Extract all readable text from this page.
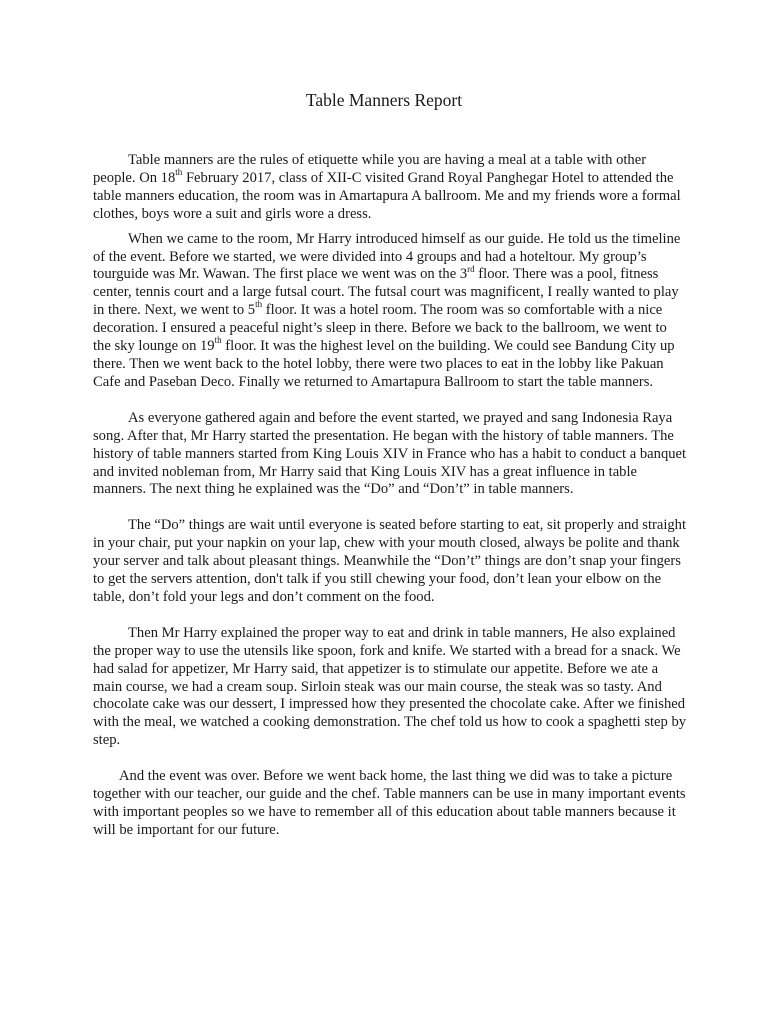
Table Manners Report

Table manners are the rules of etiquette while you are having a meal at a table with other people. On 18th February 2017, class of XII-C visited Grand Royal Panghegar Hotel to attended the table manners education, the room was in Amartapura A ballroom. Me and my friends wore a formal clothes, boys wore a suit and girls wore a dress.

When we came to the room, Mr Harry introduced himself as our guide. He told us the timeline of the event. Before we started, we were divided into 4 groups and had a hoteltour. My group’s tourguide was Mr. Wawan. The first place we went was on the 3rd floor. There was a pool, fitness center, tennis court and a large futsal court. The futsal court was magnificent, I really wanted to play in there. Next, we went to 5th floor. It was a hotel room. The room was so comfortable with a nice decoration. I ensured a peaceful night’s sleep in there. Before we back to the ballroom, we went to the sky lounge on 19th floor. It was the highest level on the building. We could see Bandung City up there. Then we went back to the hotel lobby, there were two places to eat in the lobby like Pakuan Cafe and Paseban Deco. Finally we returned to Amartapura Ballroom to start the table manners.

As everyone gathered again and before the event started, we prayed and sang Indonesia Raya song. After that, Mr Harry started the presentation. He began with the history of table manners. The history of table manners started from King Louis XIV in France who has a habit to conduct a banquet and invited nobleman from, Mr Harry said that King Louis XIV has a great influence in table manners. The next thing he explained was the “Do” and “Don’t” in table manners.

The “Do” things are wait until everyone is seated before starting to eat, sit properly and straight in your chair, put your napkin on your lap, chew with your mouth closed, always be polite and thank your server and talk about pleasant things. Meanwhile the “Don’t” things are don’t snap your fingers to get the servers attention, don't talk if you still chewing your food, don’t lean your elbow on the table, don’t fold your legs and don’t comment on the food.

Then Mr Harry explained the proper way to eat and drink in table manners, He also explained the proper way to use the utensils like spoon, fork and knife. We started with a bread for a snack. We had salad for appetizer, Mr Harry said, that appetizer is to stimulate our appetite. Before we ate a main course, we had a cream soup. Sirloin steak was our main course, the steak was so tasty. And chocolate cake was our dessert, I impressed how they presented the chocolate cake. After we finished with the meal, we watched a cooking demonstration. The chef told us how to cook a spaghetti step by step.

And the event was over. Before we went back home, the last thing we did was to take a picture together with our teacher, our guide and the chef. Table manners can be use in many important events with important peoples so we have to remember all of this education about table manners because it will be important for our future.
